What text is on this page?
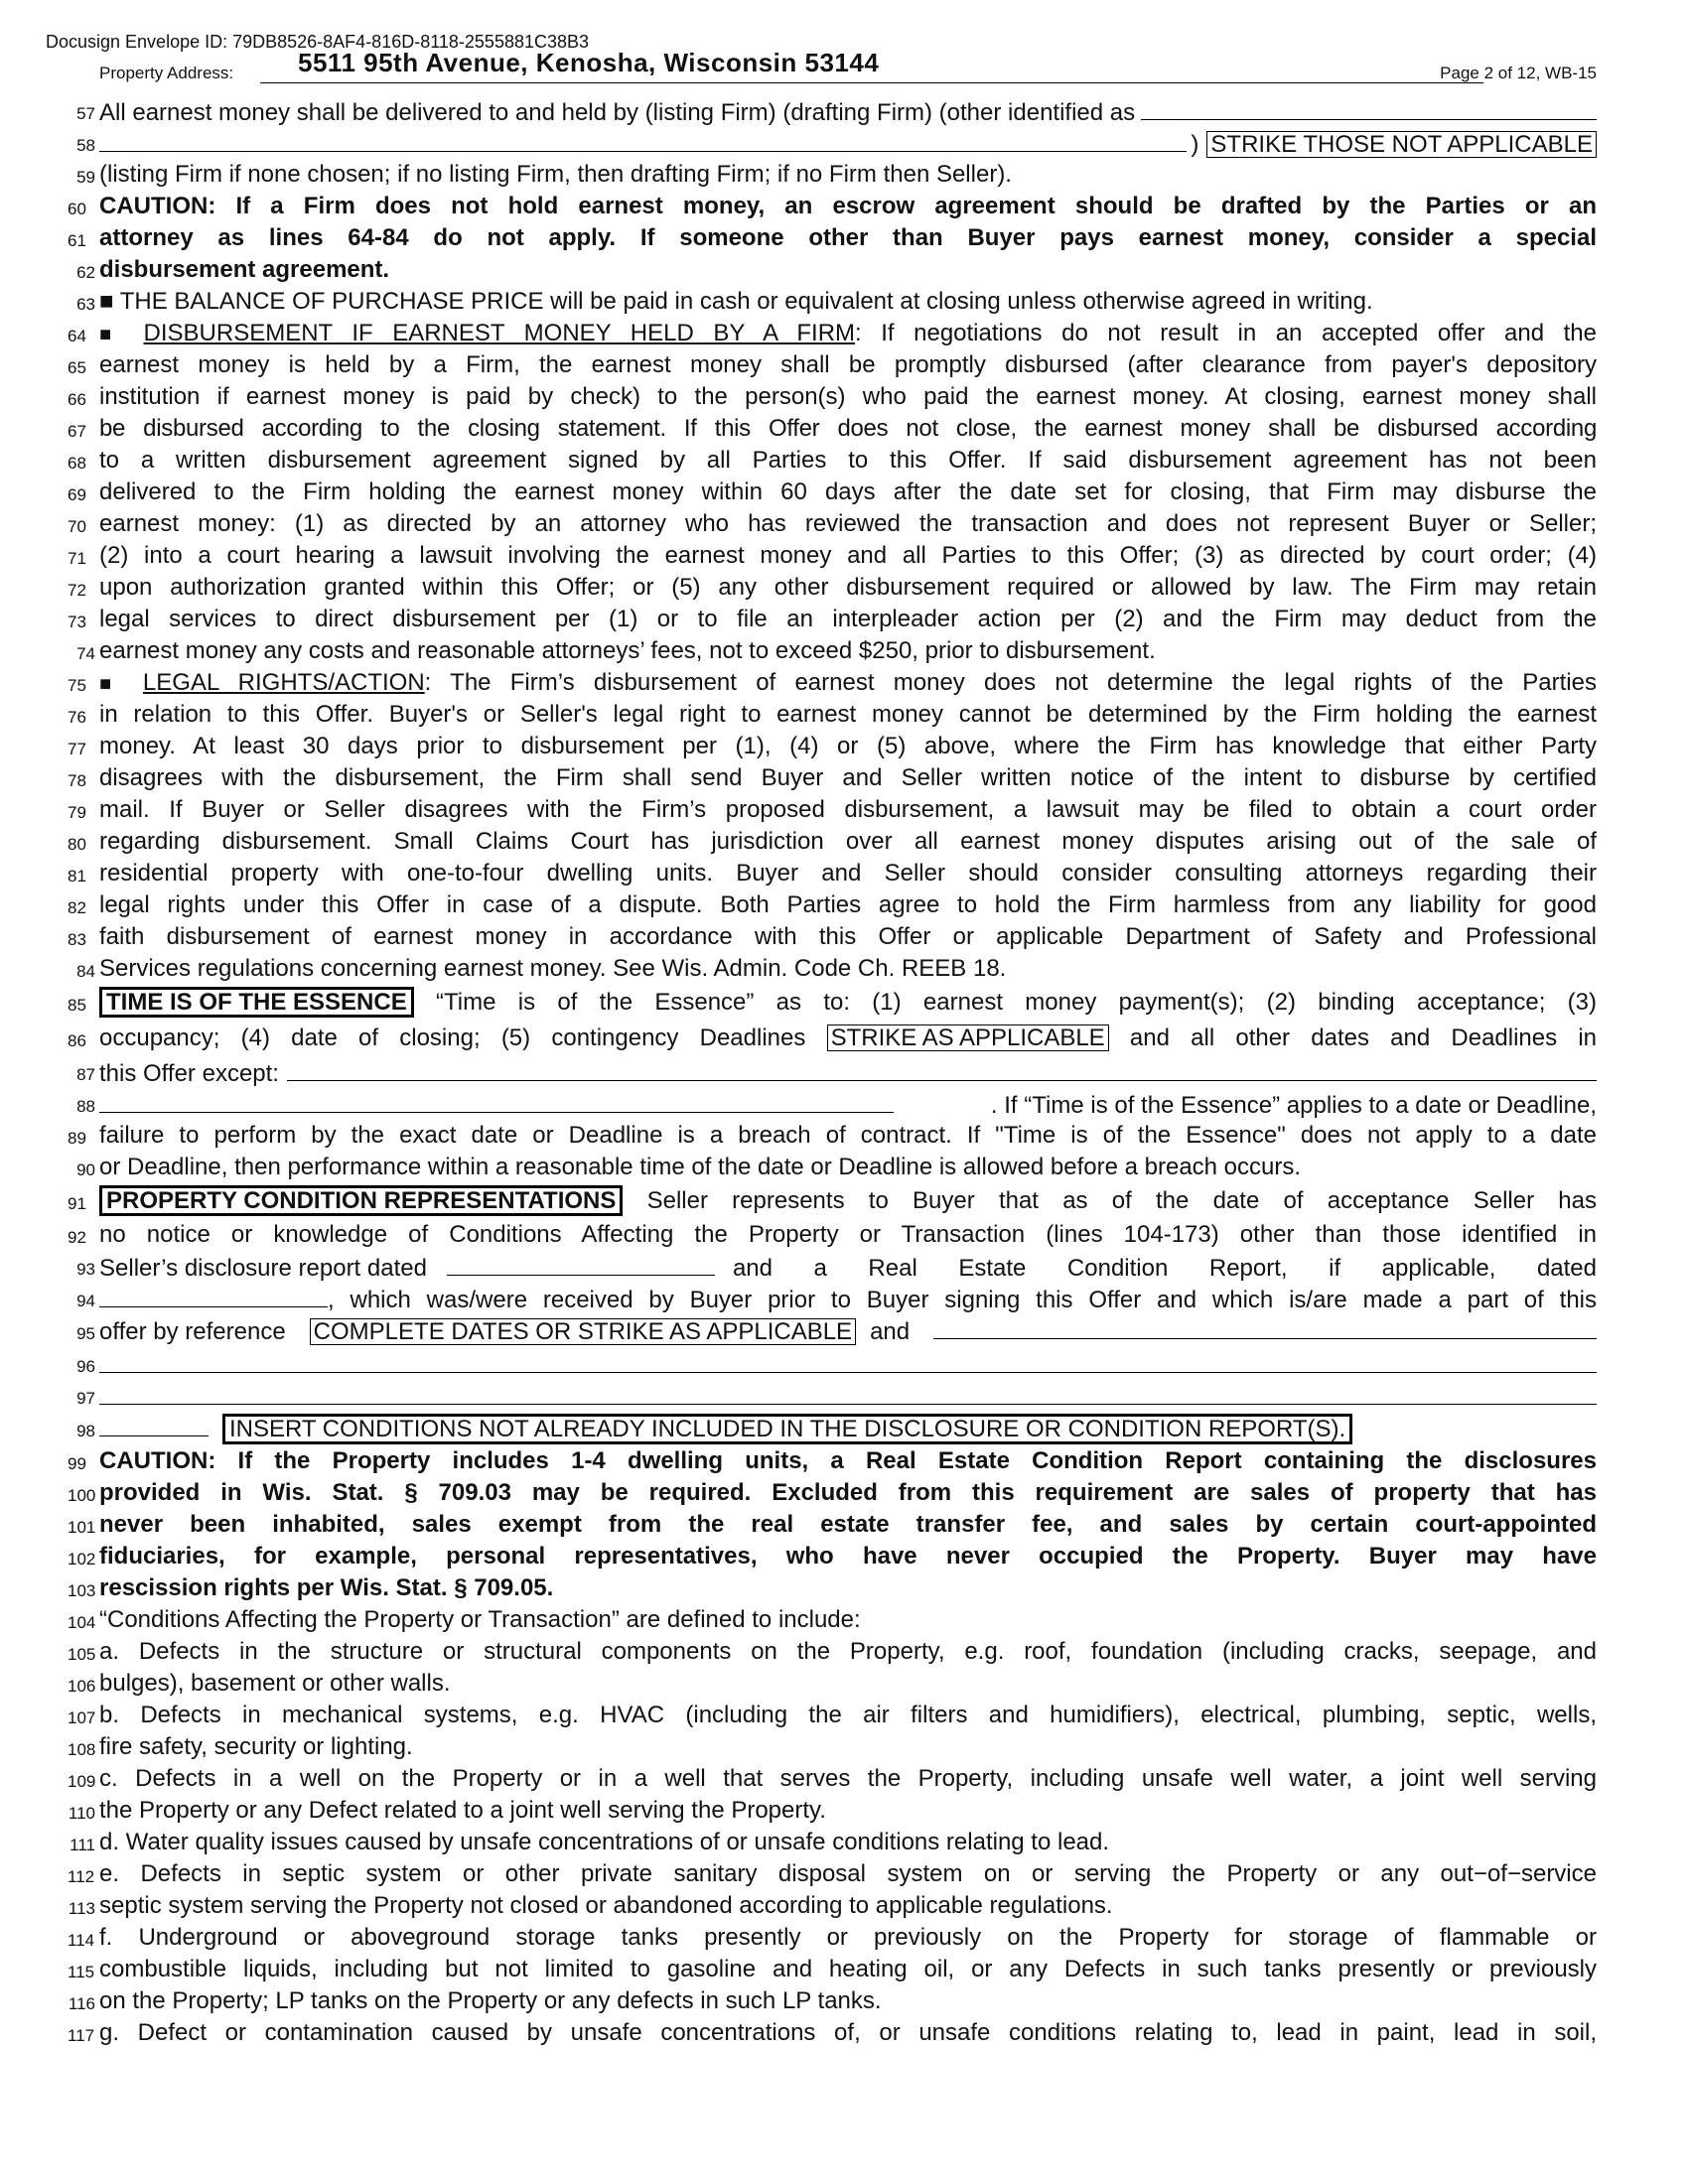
Docusign Envelope ID: 79DB8526-8AF4-816D-8118-2555881C38B3
Property Address: 5511 95th Avenue, Kenosha, Wisconsin 53144	Page 2 of 12, WB-15
57 All earnest money shall be delivered to and held by (listing Firm) (drafting Firm) (other identified as
58	) STRIKE THOSE NOT APPLICABLE
59 (listing Firm if none chosen; if no listing Firm, then drafting Firm; if no Firm then Seller).
60 CAUTION: If a Firm does not hold earnest money, an escrow agreement should be drafted by the Parties or an
61 attorney as lines 64-84 do not apply. If someone other than Buyer pays earnest money, consider a special
62 disbursement agreement.
63 ■ THE BALANCE OF PURCHASE PRICE will be paid in cash or equivalent at closing unless otherwise agreed in writing.
64 ■ DISBURSEMENT IF EARNEST MONEY HELD BY A FIRM: If negotiations do not result in an accepted offer and the
65 earnest money is held by a Firm, the earnest money shall be promptly disbursed (after clearance from payer's depository
66 institution if earnest money is paid by check) to the person(s) who paid the earnest money. At closing, earnest money shall
67 be disbursed according to the closing statement. If this Offer does not close, the earnest money shall be disbursed according
68 to a written disbursement agreement signed by all Parties to this Offer. If said disbursement agreement has not been
69 delivered to the Firm holding the earnest money within 60 days after the date set for closing, that Firm may disburse the
70 earnest money: (1) as directed by an attorney who has reviewed the transaction and does not represent Buyer or Seller;
71 (2) into a court hearing a lawsuit involving the earnest money and all Parties to this Offer; (3) as directed by court order; (4)
72 upon authorization granted within this Offer; or (5) any other disbursement required or allowed by law. The Firm may retain
73 legal services to direct disbursement per (1) or to file an interpleader action per (2) and the Firm may deduct from the
74 earnest money any costs and reasonable attorneys’ fees, not to exceed $250, prior to disbursement.
75 ■ LEGAL RIGHTS/ACTION: The Firm’s disbursement of earnest money does not determine the legal rights of the Parties
76 in relation to this Offer. Buyer's or Seller's legal right to earnest money cannot be determined by the Firm holding the earnest
77 money. At least 30 days prior to disbursement per (1), (4) or (5) above, where the Firm has knowledge that either Party
78 disagrees with the disbursement, the Firm shall send Buyer and Seller written notice of the intent to disburse by certified
79 mail. If Buyer or Seller disagrees with the Firm’s proposed disbursement, a lawsuit may be filed to obtain a court order
80 regarding disbursement. Small Claims Court has jurisdiction over all earnest money disputes arising out of the sale of
81 residential property with one-to-four dwelling units. Buyer and Seller should consider consulting attorneys regarding their
82 legal rights under this Offer in case of a dispute. Both Parties agree to hold the Firm harmless from any liability for good
83 faith disbursement of earnest money in accordance with this Offer or applicable Department of Safety and Professional
84 Services regulations concerning earnest money. See Wis. Admin. Code Ch. REEB 18.
85 TIME IS OF THE ESSENCE “Time is of the Essence” as to: (1) earnest money payment(s); (2) binding acceptance; (3)
86 occupancy; (4) date of closing; (5) contingency Deadlines STRIKE AS APPLICABLE and all other dates and Deadlines in
87 this Offer except:
88	. If “Time is of the Essence” applies to a date or Deadline,
89 failure to perform by the exact date or Deadline is a breach of contract. If "Time is of the Essence" does not apply to a date
90 or Deadline, then performance within a reasonable time of the date or Deadline is allowed before a breach occurs.
91 PROPERTY CONDITION REPRESENTATIONS Seller represents to Buyer that as of the date of acceptance Seller has
92 no notice or knowledge of Conditions Affecting the Property or Transaction (lines 104-173) other than those identified in
93 Seller’s disclosure report dated	and a Real Estate Condition Report, if applicable, dated
94	, which was/were received by Buyer prior to Buyer signing this Offer and which is/are made a part of this
95 offer by reference COMPLETE DATES OR STRIKE AS APPLICABLE and
96
97
98	INSERT CONDITIONS NOT ALREADY INCLUDED IN THE DISCLOSURE OR CONDITION REPORT(S).
99 CAUTION: If the Property includes 1-4 dwelling units, a Real Estate Condition Report containing the disclosures
100 provided in Wis. Stat. § 709.03 may be required. Excluded from this requirement are sales of property that has
101 never been inhabited, sales exempt from the real estate transfer fee, and sales by certain court-appointed
102 fiduciaries, for example, personal representatives, who have never occupied the Property. Buyer may have
103 rescission rights per Wis. Stat. § 709.05.
104 “Conditions Affecting the Property or Transaction” are defined to include:
105 a. Defects in the structure or structural components on the Property, e.g. roof, foundation (including cracks, seepage, and
106 bulges), basement or other walls.
107 b. Defects in mechanical systems, e.g. HVAC (including the air filters and humidifiers), electrical, plumbing, septic, wells,
108 fire safety, security or lighting.
109 c. Defects in a well on the Property or in a well that serves the Property, including unsafe well water, a joint well serving
110 the Property or any Defect related to a joint well serving the Property.
111 d. Water quality issues caused by unsafe concentrations of or unsafe conditions relating to lead.
112 e. Defects in septic system or other private sanitary disposal system on or serving the Property or any out−of−service
113 septic system serving the Property not closed or abandoned according to applicable regulations.
114 f. Underground or aboveground storage tanks presently or previously on the Property for storage of flammable or
115 combustible liquids, including but not limited to gasoline and heating oil, or any Defects in such tanks presently or previously
116 on the Property; LP tanks on the Property or any defects in such LP tanks.
117 g. Defect or contamination caused by unsafe concentrations of, or unsafe conditions relating to, lead in paint, lead in soil,
